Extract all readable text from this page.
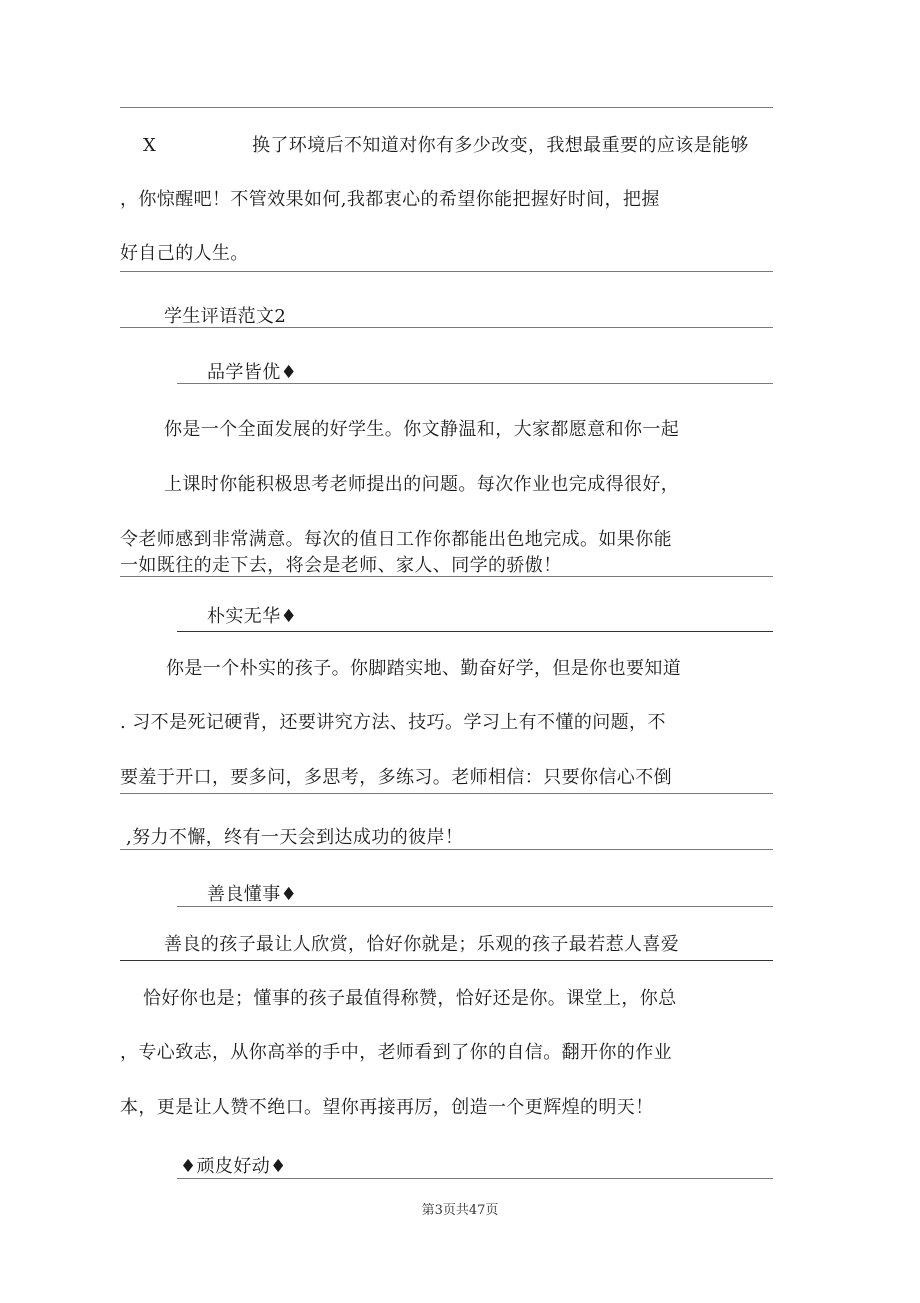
X	换了环境后不知道对你有多少改变，我想最重要的应该是能够
，你惊醒吧！不管效果如何,我都衷心的希望你能把握好时间，把握
好自己的人生。
学生评语范文2
品学皆优♦
你是一个全面发展的好学生。你文静温和，大家都愿意和你一起
上课时你能积极思考老师提出的问题。每次作业也完成得很好，
令老师感到非常满意。每次的值日工作你都能出色地完成。如果你能
一如既往的走下去，将会是老师、家人、同学的骄傲！
朴实无华♦
你是一个朴实的孩子。你脚踏实地、勤奋好学，但是你也要知道
. 习不是死记硬背，还要讲究方法、技巧。学习上有不懂的问题，不
要羞于开口，要多问，多思考，多练习。老师相信：只要你信心不倒
,努力不懈，终有一天会到达成功的彼岸！
善良懂事♦
善良的孩子最让人欣赏，恰好你就是；乐观的孩子最若惹人喜爱
恰好你也是；懂事的孩子最值得称赞，恰好还是你。课堂上，你总
，专心致志，从你高举的手中，老师看到了你的自信。翻开你的作业
本，更是让人赞不绝口。望你再接再厉，创造一个更辉煌的明天！
♦顽皮好动♦
第3页共47页
